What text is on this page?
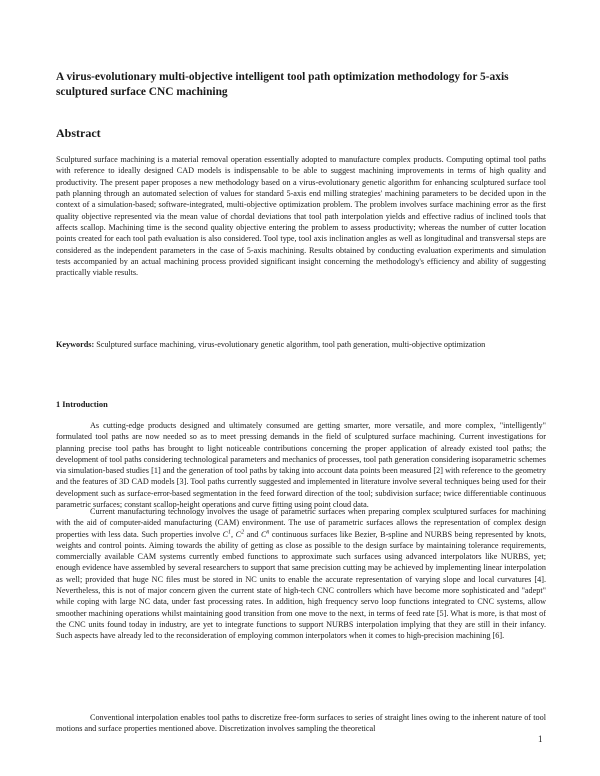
A virus-evolutionary multi-objective intelligent tool path optimization methodology for 5-axis sculptured surface CNC machining
Abstract

Sculptured surface machining is a material removal operation essentially adopted to manufacture complex products. Computing optimal tool paths with reference to ideally designed CAD models is indispensable to be able to suggest machining improvements in terms of high quality and productivity. The present paper proposes a new methodology based on a virus-evolutionary genetic algorithm for enhancing sculptured surface tool path planning through an automated selection of values for standard 5-axis end milling strategies' machining parameters to be decided upon in the context of a simulation-based; software-integrated, multi-objective optimization problem. The problem involves surface machining error as the first quality objective represented via the mean value of chordal deviations that tool path interpolation yields and effective radius of inclined tools that affects scallop. Machining time is the second quality objective entering the problem to assess productivity; whereas the number of cutter location points created for each tool path evaluation is also considered. Tool type, tool axis inclination angles as well as longitudinal and transversal steps are considered as the independent parameters in the case of 5-axis machining. Results obtained by conducting evaluation experiments and simulation tests accompanied by an actual machining process provided significant insight concerning the methodology's efficiency and ability of suggesting practically viable results.

Keywords: Sculptured surface machining, virus-evolutionary genetic algorithm, tool path generation, multi-objective optimization

1 Introduction

As cutting-edge products designed and ultimately consumed are getting smarter, more versatile, and more complex, "intelligently" formulated tool paths are now needed so as to meet pressing demands in the field of sculptured surface machining. Current investigations for planning precise tool paths has brought to light noticeable contributions concerning the proper application of already existed tool paths; the development of tool paths considering technological parameters and mechanics of processes, tool path generation considering isoparametric schemes via simulation-based studies [1] and the generation of tool paths by taking into account data points been measured [2] with reference to the geometry and the features of 3D CAD models [3]. Tool paths currently suggested and implemented in literature involve several techniques being used for their development such as surface-error-based segmentation in the feed forward direction of the tool; subdivision surface; twice differentiable continuous parametric surfaces; constant scallop-height operations and curve fitting using point cloud data.

Current manufacturing technology involves the usage of parametric surfaces when preparing complex sculptured surfaces for machining with the aid of computer-aided manufacturing (CAM) environment. The use of parametric surfaces allows the representation of complex design properties with less data. Such properties involve $C^1$, $C^2$ and $C^n$ continuous surfaces like Bezier, B-spline and NURBS being represented by knots, weights and control points. Aiming towards the ability of getting as close as possible to the design surface by maintaining tolerance requirements, commercially available CAM systems currently embed functions to approximate such surfaces using advanced interpolators like NURBS, yet; enough evidence have assembled by several researchers to support that same precision cutting may be achieved by implementing linear interpolation as well; provided that huge NC files must be stored in NC units to enable the accurate representation of varying slope and local curvatures [4]. Nevertheless, this is not of major concern given the current state of high-tech CNC controllers which have become more sophisticated and "adept" while coping with large NC data, under fast processing rates. In addition, high frequency servo loop functions integrated to CNC systems, allow smoother machining operations whilst maintaining good transition from one move to the next, in terms of feed rate [5]. What is more, is that most of the CNC units found today in industry, are yet to integrate functions to support NURBS interpolation implying that they are still in their infancy. Such aspects have already led to the reconsideration of employing common interpolators when it comes to high-precision machining [6].

Conventional interpolation enables tool paths to discretize free-form surfaces to series of straight lines owing to the inherent nature of tool motions and surface properties mentioned above. Discretization involves sampling the theoretical

1
